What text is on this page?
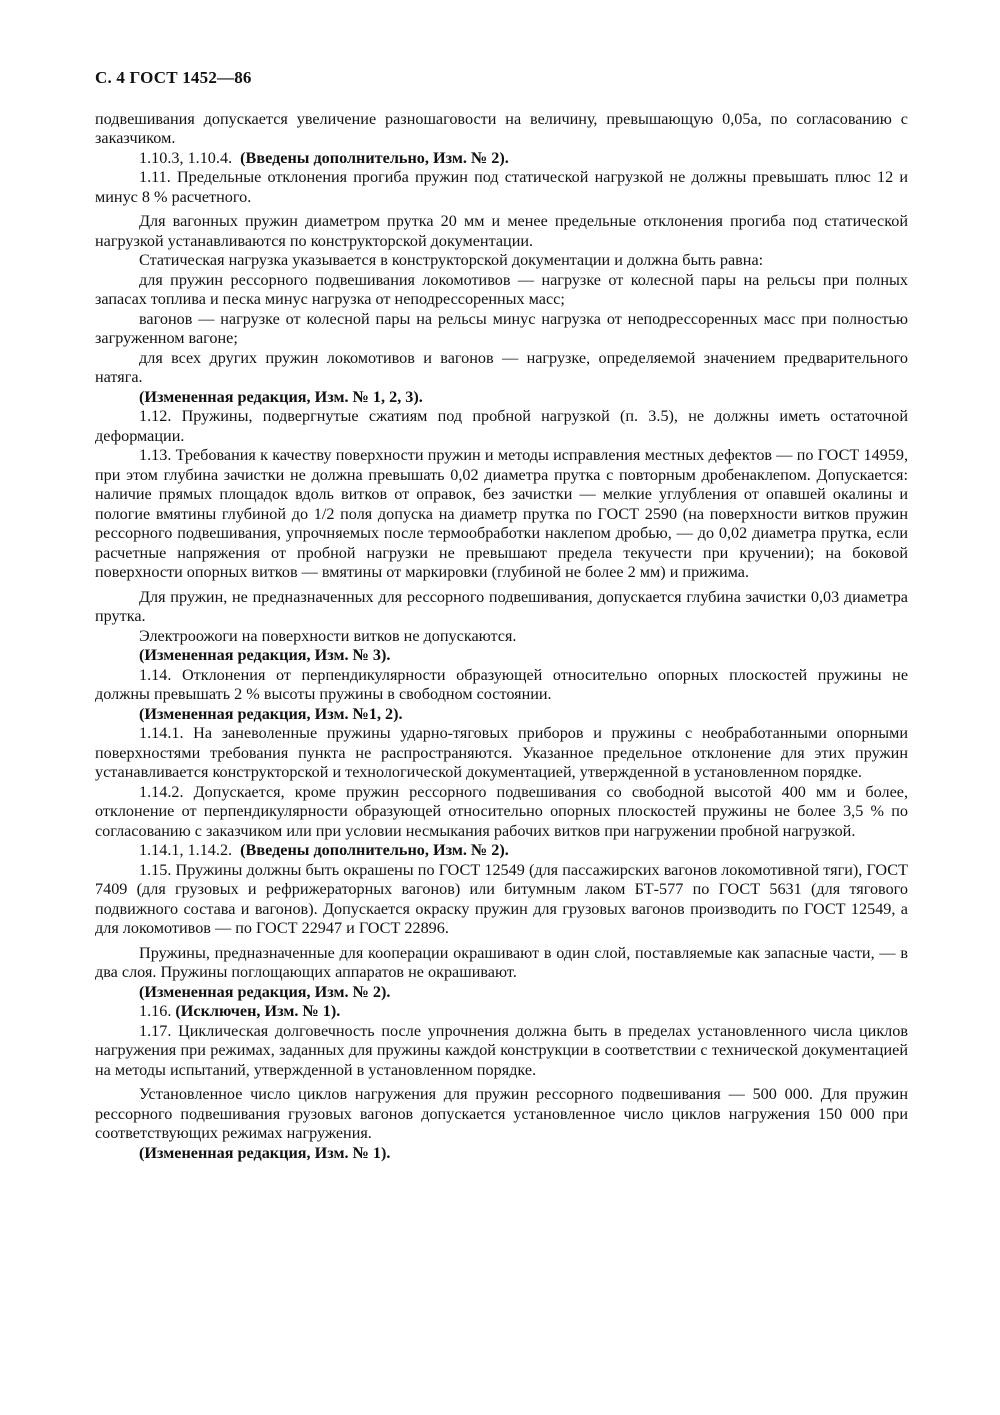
С. 4 ГОСТ 1452—86

подвешивания допускается увеличение разношаговости на величину, превышающую 0,05а, по согласованию с заказчиком.

1.10.3, 1.10.4. (Введены дополнительно, Изм. № 2).

1.11. Предельные отклонения прогиба пружин под статической нагрузкой не должны превышать плюс 12 и минус 8 % расчетного.

Для вагонных пружин диаметром прутка 20 мм и менее предельные отклонения прогиба под статической нагрузкой устанавливаются по конструкторской документации.

Статическая нагрузка указывается в конструкторской документации и должна быть равна:

для пружин рессорного подвешивания локомотивов — нагрузке от колесной пары на рельсы при полных запасах топлива и песка минус нагрузка от неподрессоренных масс;

вагонов — нагрузке от колесной пары на рельсы минус нагрузка от неподрессоренных масс при полностью загруженном вагоне;

для всех других пружин локомотивов и вагонов — нагрузке, определяемой значением предварительного натяга.

(Измененная редакция, Изм. № 1, 2, 3).

1.12. Пружины, подвергнутые сжатиям под пробной нагрузкой (п. 3.5), не должны иметь остаточной деформации.

1.13. Требования к качеству поверхности пружин и методы исправления местных дефектов — по ГОСТ 14959, при этом глубина зачистки не должна превышать 0,02 диаметра прутка с повторным дробенаклепом. Допускается: наличие прямых площадок вдоль витков от оправок, без зачистки — мелкие углубления от опавшей окалины и пологие вмятины глубиной до 1/2 поля допуска на диаметр прутка по ГОСТ 2590 (на поверхности витков пружин рессорного подвешивания, упрочняемых после термообработки наклепом дробью, — до 0,02 диаметра прутка, если расчетные напряжения от пробной нагрузки не превышают предела текучести при кручении); на боковой поверхности опорных витков — вмятины от маркировки (глубиной не более 2 мм) и прижима.

Для пружин, не предназначенных для рессорного подвешивания, допускается глубина зачистки 0,03 диаметра прутка.

Электроожоги на поверхности витков не допускаются.

(Измененная редакция, Изм. № 3).

1.14. Отклонения от перпендикулярности образующей относительно опорных плоскостей пружины не должны превышать 2 % высоты пружины в свободном состоянии.

(Измененная редакция, Изм. №1, 2).

1.14.1. На заневоленные пружины ударно-тяговых приборов и пружины с необработанными опорными поверхностями требования пункта не распространяются. Указанное предельное отклонение для этих пружин устанавливается конструкторской и технологической документацией, утвержденной в установленном порядке.

1.14.2. Допускается, кроме пружин рессорного подвешивания со свободной высотой 400 мм и более, отклонение от перпендикулярности образующей относительно опорных плоскостей пружины не более 3,5 % по согласованию с заказчиком или при условии несмыкания рабочих витков при нагружении пробной нагрузкой.

1.14.1, 1.14.2. (Введены дополнительно, Изм. № 2).

1.15. Пружины должны быть окрашены по ГОСТ 12549 (для пассажирских вагонов локомотивной тяги), ГОСТ 7409 (для грузовых и рефрижераторных вагонов) или битумным лаком БТ-577 по ГОСТ 5631 (для тягового подвижного состава и вагонов). Допускается окраску пружин для грузовых вагонов производить по ГОСТ 12549, а для локомотивов — по ГОСТ 22947 и ГОСТ 22896.

Пружины, предназначенные для кооперации окрашивают в один слой, поставляемые как запасные части, — в два слоя. Пружины поглощающих аппаратов не окрашивают.

(Измененная редакция, Изм. № 2).

1.16. (Исключен, Изм. № 1).

1.17. Циклическая долговечность после упрочнения должна быть в пределах установленного числа циклов нагружения при режимах, заданных для пружины каждой конструкции в соответствии с технической документацией на методы испытаний, утвержденной в установленном порядке.

Установленное число циклов нагружения для пружин рессорного подвешивания — 500 000. Для пружин рессорного подвешивания грузовых вагонов допускается установленное число циклов нагружения 150 000 при соответствующих режимах нагружения.

(Измененная редакция, Изм. № 1).
